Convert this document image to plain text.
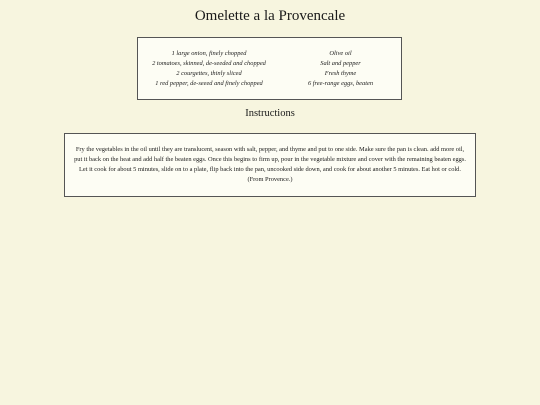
Omelette a la Provencale
1 large onion, finely chopped
2 tomatoes, skinned, de-seeded and chopped
2 courgettes, thinly sliced
1 red pepper, de-seeed and finely chopped
Olive oil
Salt and pepper
Fresh thyme
6 free-range eggs, beaten
Instructions

Fry the vegetables in the oil until they are translucent, season with salt, pepper, and thyme and put to one side. Make sure the pan is clean. add more oil, put it back on the heat and add half the beaten eggs. Once this begins to firm up, pour in the vegetable mixture and cover with the remaining beaten eggs. Let it cook for about 5 minutes, slide on to a plate, flip back into the pan, uncooked side down, and cook for about another 5 minutes. Eat hot or cold. (From Provence.)
